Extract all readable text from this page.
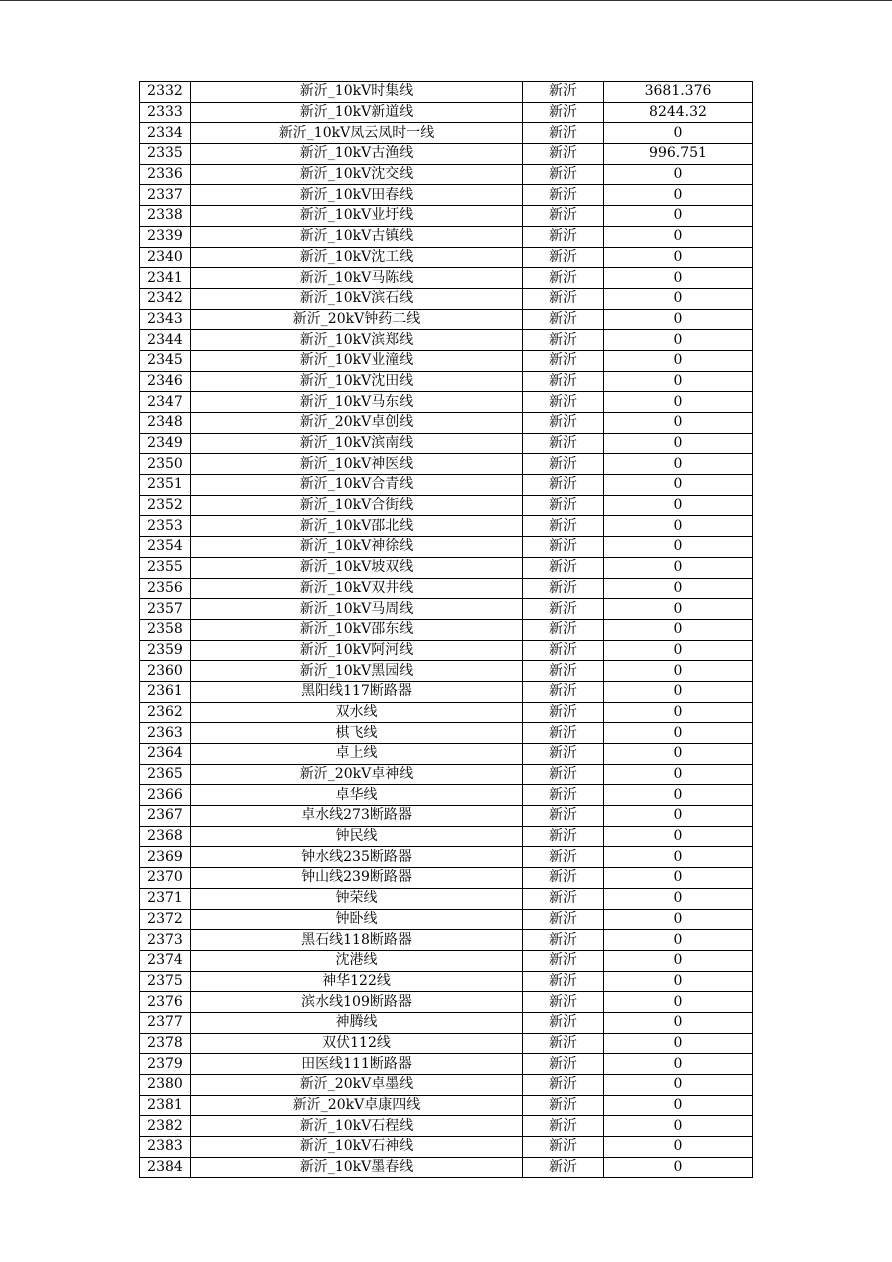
2332	新沂_10kV时集线	新沂	3681.376
2333	新沂_10kV新道线	新沂	8244.32
2334	新沂_10kV凤云凤时一线	新沂	0
2335	新沂_10kV古渔线	新沂	996.751
2336	新沂_10kV沈交线	新沂	0
2337	新沂_10kV田春线	新沂	0
2338	新沂_10kV业圩线	新沂	0
2339	新沂_10kV古镇线	新沂	0
2340	新沂_10kV沈工线	新沂	0
2341	新沂_10kV马陈线	新沂	0
2342	新沂_10kV滨石线	新沂	0
2343	新沂_20kV钟药二线	新沂	0
2344	新沂_10kV滨郑线	新沂	0
2345	新沂_10kV业潼线	新沂	0
2346	新沂_10kV沈田线	新沂	0
2347	新沂_10kV马东线	新沂	0
2348	新沂_20kV卓创线	新沂	0
2349	新沂_10kV滨南线	新沂	0
2350	新沂_10kV神医线	新沂	0
2351	新沂_10kV合青线	新沂	0
2352	新沂_10kV合街线	新沂	0
2353	新沂_10kV邵北线	新沂	0
2354	新沂_10kV神徐线	新沂	0
2355	新沂_10kV坡双线	新沂	0
2356	新沂_10kV双井线	新沂	0
2357	新沂_10kV马周线	新沂	0
2358	新沂_10kV邵东线	新沂	0
2359	新沂_10kV阿河线	新沂	0
2360	新沂_10kV黑园线	新沂	0
2361	黑阳线117断路器	新沂	0
2362	双水线	新沂	0
2363	棋飞线	新沂	0
2364	卓上线	新沂	0
2365	新沂_20kV卓神线	新沂	0
2366	卓华线	新沂	0
2367	卓水线273断路器	新沂	0
2368	钟民线	新沂	0
2369	钟水线235断路器	新沂	0
2370	钟山线239断路器	新沂	0
2371	钟荣线	新沂	0
2372	钟卧线	新沂	0
2373	黑石线118断路器	新沂	0
2374	沈港线	新沂	0
2375	神华122线	新沂	0
2376	滨水线109断路器	新沂	0
2377	神腾线	新沂	0
2378	双伏112线	新沂	0
2379	田医线111断路器	新沂	0
2380	新沂_20kV卓墨线	新沂	0
2381	新沂_20kV卓康四线	新沂	0
2382	新沂_10kV石程线	新沂	0
2383	新沂_10kV石神线	新沂	0
2384	新沂_10kV墨春线	新沂	0
